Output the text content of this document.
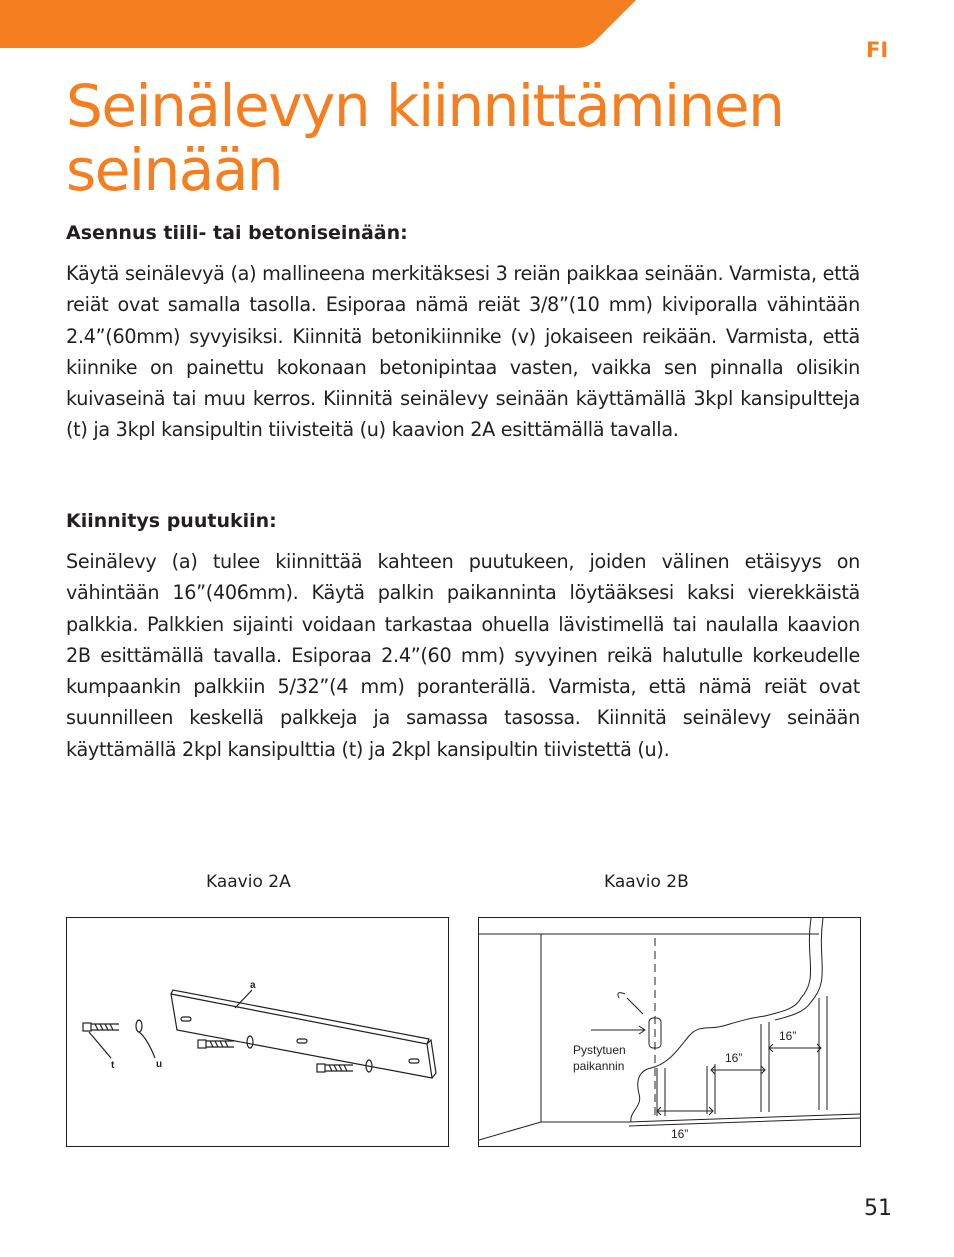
FI
Seinälevyn kiinnittäminen seinään
Asennus tiili- tai betoniseinään:

Käytä seinälevyä (a) mallineena merkitäksesi 3 reiän paikkaa seinään. Varmista, että reiät ovat samalla tasolla. Esiporaa nämä reiät 3/8”(10 mm) kiviporalla vähintään 2.4”(60mm) syvyisiksi. Kiinnitä betonikiinnike (v) jokaiseen reikään. Varmista, että kiinnike on painettu kokonaan betonipintaa vasten, vaikka sen pinnalla olisikin kuivaseinä tai muu kerros. Kiinnitä seinälevy seinään käyttämällä 3kpl kansipultteja (t) ja 3kpl kansipultin tiivisteitä (u) kaavion 2A esittämällä tavalla.

Kiinnitys puutukiin:

Seinälevy (a) tulee kiinnittää kahteen puutukeen, joiden välinen etäisyys on vähintään 16”(406mm). Käytä palkin paikanninta löytääksesi kaksi vierekkäistä palkkia. Palkkien sijainti voidaan tarkastaa ohuella lävistimellä tai naulalla kaavion 2B esittämällä tavalla. Esiporaa 2.4”(60 mm) syvyinen reikä halutulle korkeudelle kumpaankin palkkiin 5/32”(4 mm) poranterällä. Varmista, että nämä reiät ovat suunnilleen keskellä palkkeja ja samassa tasossa. Kiinnitä seinälevy seinään käyttämällä 2kpl kansipulttia (t) ja 2kpl kansipultin tiivistettä (u).

Kaavio 2A	Kaavio 2B
a
t	u
Pystytuen
paikannin
16”
16”
16”
51
